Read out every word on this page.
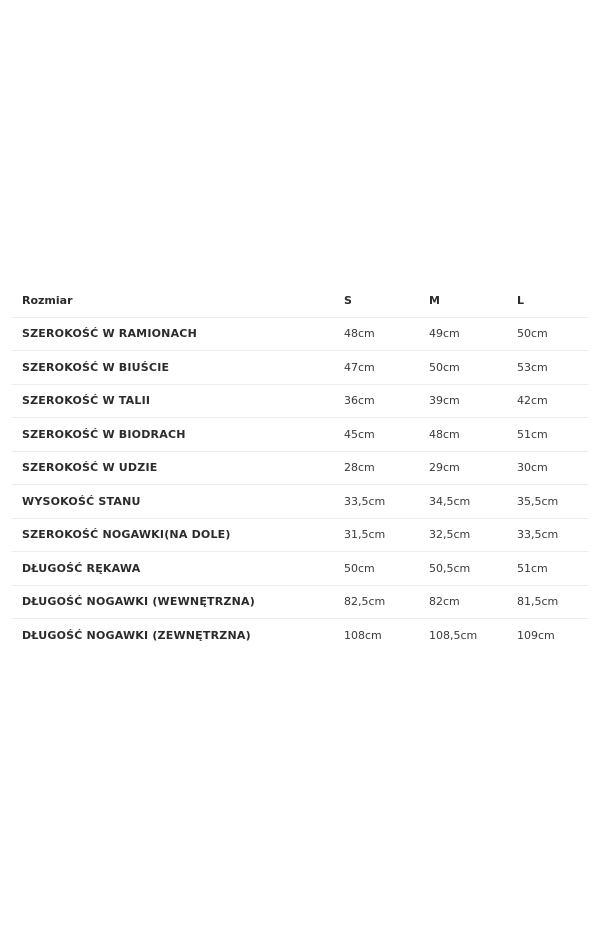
Rozmiar	S	M	L
SZEROKOŚĆ W RAMIONACH	48cm	49cm	50cm
SZEROKOŚĆ W BIUŚCIE	47cm	50cm	53cm
SZEROKOŚĆ W TALII	36cm	39cm	42cm
SZEROKOŚĆ W BIODRACH	45cm	48cm	51cm
SZEROKOŚĆ W UDZIE	28cm	29cm	30cm
WYSOKOŚĆ STANU	33,5cm	34,5cm	35,5cm
SZEROKOŚĆ NOGAWKI(NA DOLE)	31,5cm	32,5cm	33,5cm
DŁUGOŚĆ RĘKAWA	50cm	50,5cm	51cm
DŁUGOŚĆ NOGAWKI (WEWNĘTRZNA)	82,5cm	82cm	81,5cm
DŁUGOŚĆ NOGAWKI (ZEWNĘTRZNA)	108cm	108,5cm	109cm
